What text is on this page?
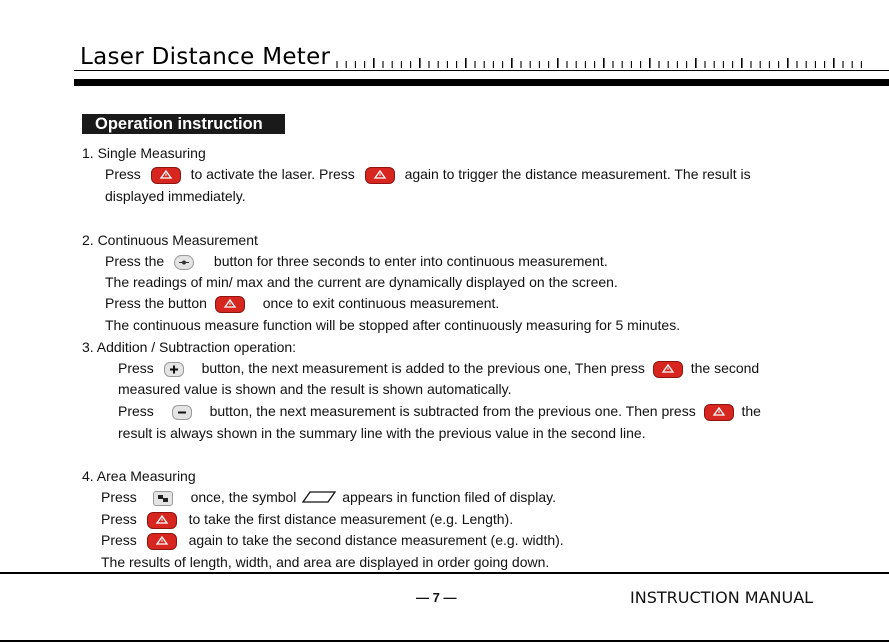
Laser Distance Meter
Operation instruction
1. Single Measuring
Press	to activate the laser. Press	again to trigger the distance measurement. The result is
displayed immediately.
2. Continuous Measurement
Press the	button for three seconds to enter into continuous measurement.
The readings of min/ max and the current are dynamically displayed on the screen.
Press the button	once to exit continuous measurement.
The continuous measure function will be stopped after continuously measuring for 5 minutes.
3. Addition / Subtraction operation:
Press	button, the next measurement is added to the previous one, Then press	the second
measured value is shown and the result is shown automatically.
Press	button, the next measurement is subtracted from the previous one. Then press	the
result is always shown in the summary line with the previous value in the second line.
4. Area Measuring
Press	once, the symbol	appears in function filed of display.
Press	to take the first distance measurement (e.g. Length).
Press	again to take the second distance measurement (e.g. width).
The results of length, width, and area are displayed in order going down.
— 7 —	INSTRUCTION MANUAL
